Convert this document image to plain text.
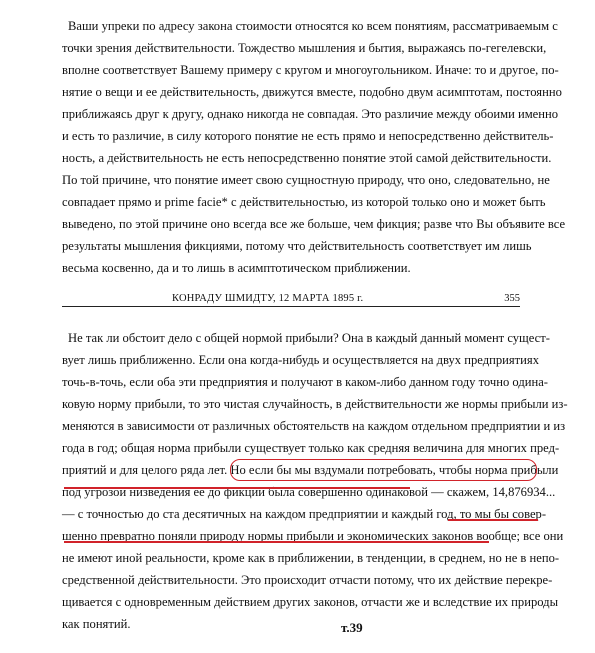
Ваши упреки по адресу закона стоимости относятся ко всем понятиям, рассматриваемым с
точки зрения действительности. Тождество мышления и бытия, выражаясь по-гегелевски,
вполне соответствует Вашему примеру с кругом и многоугольником. Иначе: то и другое, по-
нятие о вещи и ее действительность, движутся вместе, подобно двум асимптотам, постоянно
приближаясь друг к другу, однако никогда не совпадая. Это различие между обоими именно
и есть то различие, в силу которого понятие не есть прямо и непосредственно действитель-
ность, а действительность не есть непосредственно понятие этой самой действительности.
По той причине, что понятие имеет свою сущностную природу, что оно, следовательно, не
совпадает прямо и prime facie* с действительностью, из которой только оно и может быть
выведено, по этой причине оно всегда все же больше, чем фикция; разве что Вы объявите все
результаты мышления фикциями, потому что действительность соответствует им лишь
весьма косвенно, да и то лишь в асимптотическом приближении.
КОНРАДУ ШМИДТУ, 12 МАРТА 1895 г.	355
Не так ли обстоит дело с общей нормой прибыли? Она в каждый данный момент сущест-
вует лишь приближенно. Если она когда-нибудь и осуществляется на двух предприятиях
точь-в-точь, если оба эти предприятия и получают в каком-либо данном году точно одина-
ковую норму прибыли, то это чистая случайность, в действительности же нормы прибыли из-
меняются в зависимости от различных обстоятельств на каждом отдельном предприятии и из
года в год; общая норма прибыли существует только как средняя величина для многих пред-
приятий и для целого ряда лет. Но если бы мы вздумали потребовать, чтобы норма прибыли
под угрозой низведения ее до фикции была совершенно одинаковой — скажем, 14,876934...
— с точностью до ста десятичных на каждом предприятии и каждый год, то мы бы совер-
шенно превратно поняли природу нормы прибыли и экономических законов вообще; все они
не имеют иной реальности, кроме как в приближении, в тенденции, в среднем, но не в непо-
средственной действительности. Это происходит отчасти потому, что их действие перекре-
щивается с одновременным действием других законов, отчасти же и вследствие их природы
как понятий.	т.39
